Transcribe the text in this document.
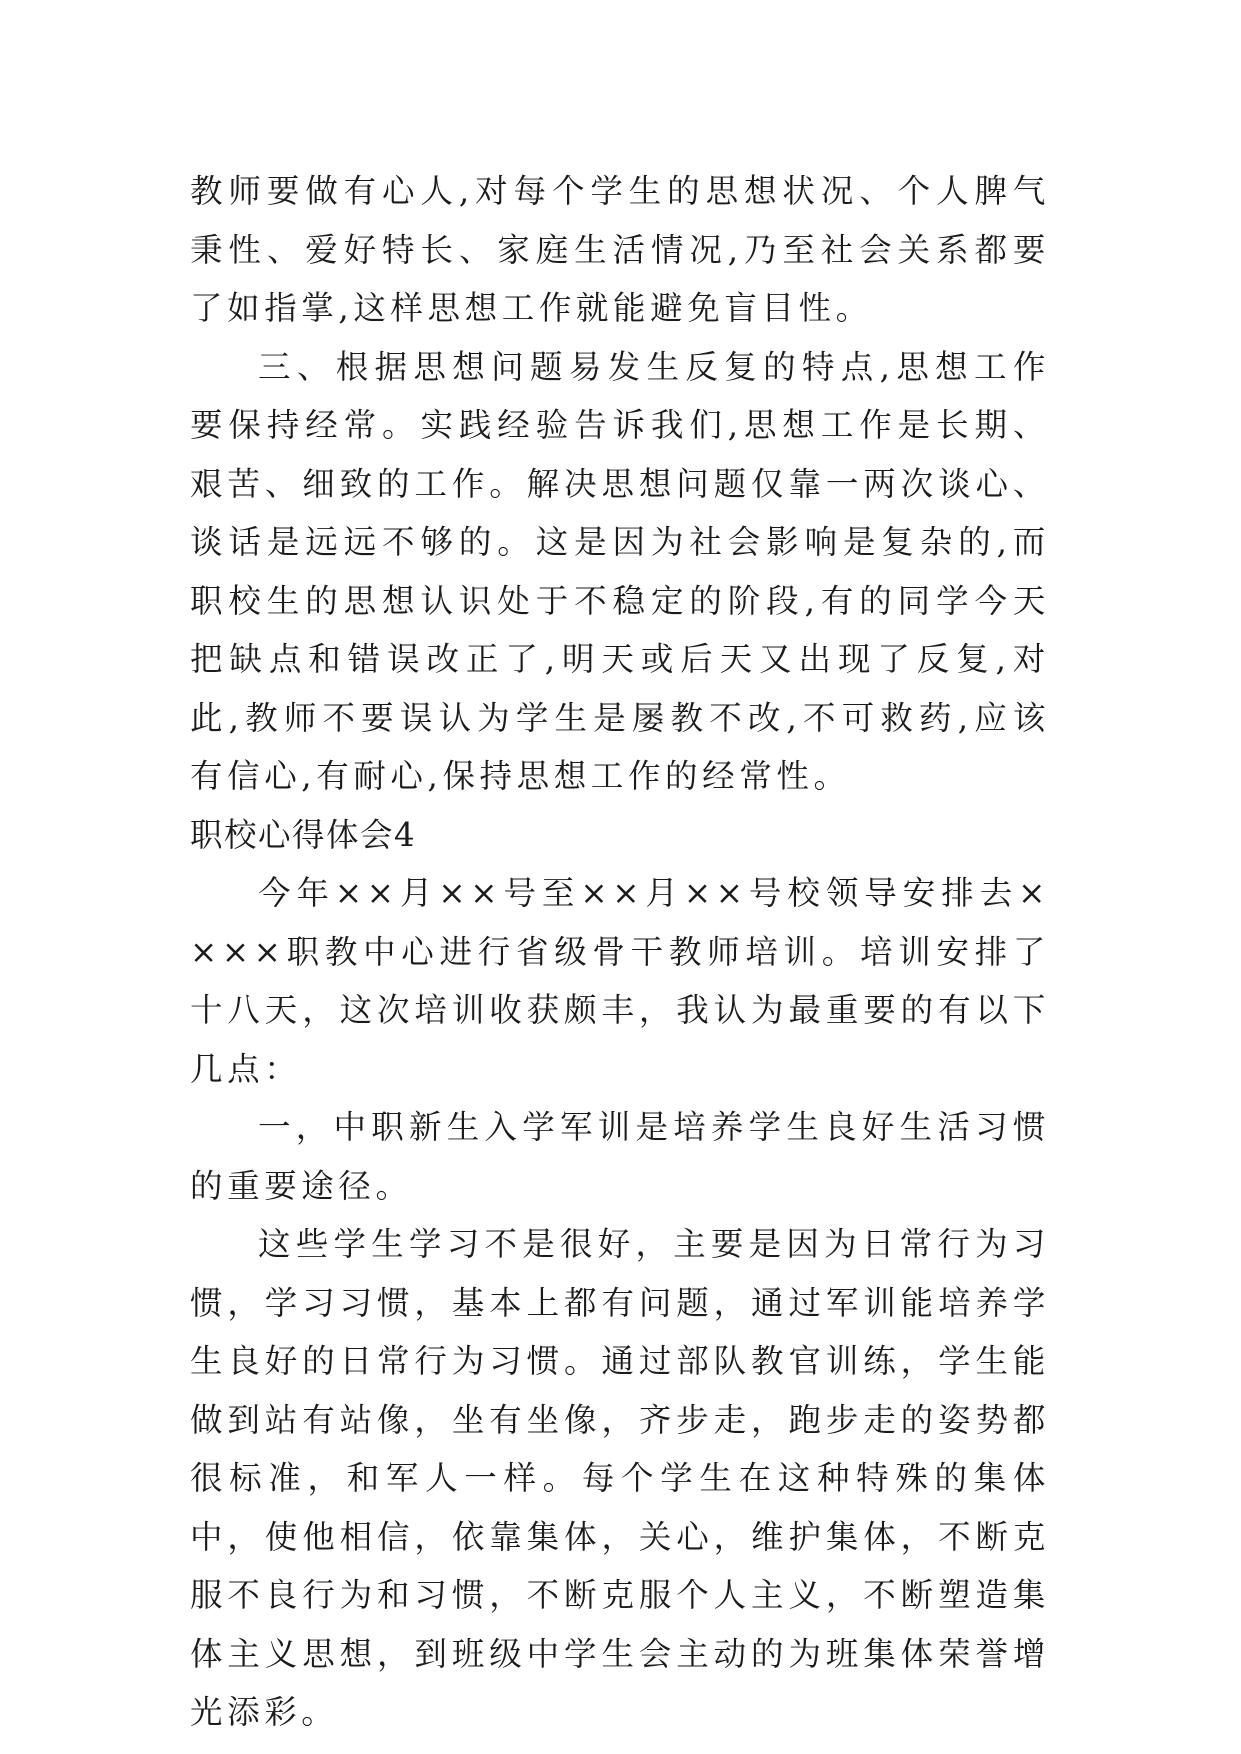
教师要做有心人,对每个学生的思想状况、个人脾气秉性、爱好特长、家庭生活情况,乃至社会关系都要了如指掌,这样思想工作就能避免盲目性。

三、根据思想问题易发生反复的特点,思想工作要保持经常。实践经验告诉我们,思想工作是长期、艰苦、细致的工作。解决思想问题仅靠一两次谈心、谈话是远远不够的。这是因为社会影响是复杂的,而职校生的思想认识处于不稳定的阶段,有的同学今天把缺点和错误改正了,明天或后天又出现了反复,对此,教师不要误认为学生是屡教不改,不可救药,应该有信心,有耐心,保持思想工作的经常性。

职校心得体会4

今年××月××号至××月××号校领导安排去××××职教中心进行省级骨干教师培训。培训安排了十八天，这次培训收获颇丰，我认为最重要的有以下几点：

一，中职新生入学军训是培养学生良好生活习惯的重要途径。

这些学生学习不是很好，主要是因为日常行为习惯，学习习惯，基本上都有问题，通过军训能培养学生良好的日常行为习惯。通过部队教官训练，学生能做到站有站像，坐有坐像，齐步走，跑步走的姿势都很标准，和军人一样。每个学生在这种特殊的集体中，使他相信，依靠集体，关心，维护集体，不断克服不良行为和习惯，不断克服个人主义，不断塑造集体主义思想，到班级中学生会主动的为班集体荣誉增光添彩。
